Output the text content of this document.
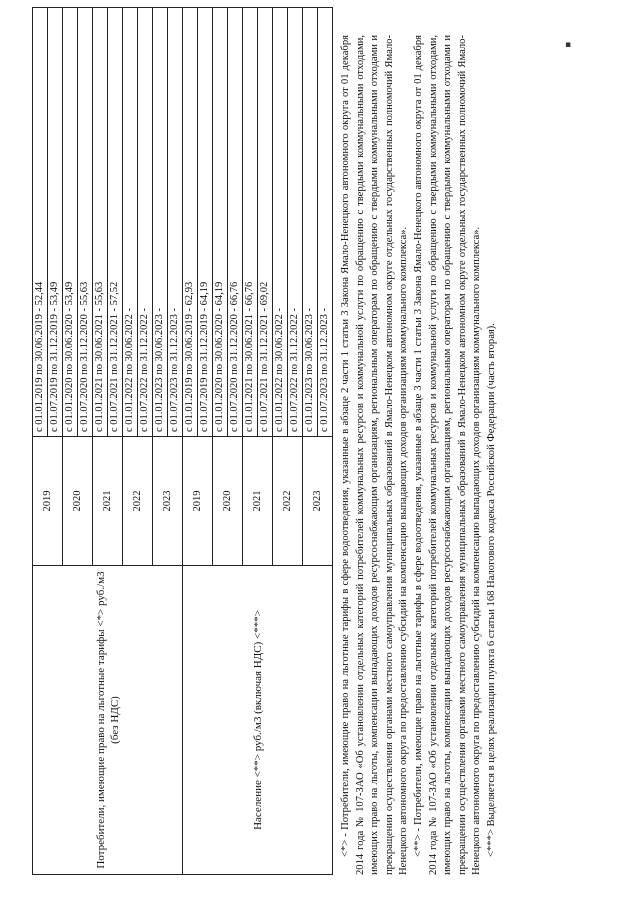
Потребители, имеющие право на льготные тарифы <*> руб./м3 (без НДС)	2019	с 01.01.2019 по 30.06.2019 - 52,44
		с 01.07.2019 по 31.12.2019 - 53,49
	2020	с 01.01.2020 по 30.06.2020 - 53,49
		с 01.07.2020 по 31.12.2020 - 55,63
	2021	с 01.01.2021 по 30.06.2021 - 55,63
		с 01.07.2021 по 31.12.2021 - 57,52
	2022	с 01.01.2022 по 30.06.2022 -
		с 01.07.2022 по 31.12.2022 -
	2023	с 01.01.2023 по 30.06.2023 -
		с 01.07.2023 по 31.12.2023 -
Население <**> руб./м3 (включая НДС) <***>	2019	с 01.01.2019 по 30.06.2019 - 62,93
		с 01.07.2019 по 31.12.2019 - 64,19
	2020	с 01.01.2020 по 30.06.2020 - 64,19
		с 01.07.2020 по 31.12.2020 - 66,76
	2021	с 01.01.2021 по 30.06.2021 - 66,76
		с 01.07.2021 по 31.12.2021 - 69,02
	2022	с 01.01.2022 по 30.06.2022 -
		с 01.07.2022 по 31.12.2022 -
	2023	с 01.01.2023 по 30.06.2023 -
		с 01.07.2023 по 31.12.2023 - <*> - Потребители, имеющие право на льготные тарифы в сфере водоотведения, указанные в абзаце 2 части 1 статьи 3 Закона Ямало-Ненецкого автономного округа от 01 декабря 2014 года № 107-ЗАО «Об установлении отдельных категорий потребителей коммунальных ресурсов и коммунальной услуги по обращению с твердыми коммунальными отходами, имеющих право на льготы, компенсации выпадающих доходов ресурсоснабжающим организациям, региональным операторам по обращению с твердыми коммунальными отходами и прекращении осуществления органами местного самоуправления муниципальных образований в Ямало-Ненецком автономном округе отдельных государственных полномочий Ямало-Ненецкого автономного округа по предоставлению субсидий на компенсацию выпадающих доходов организациям коммунального комплекса». <**> - Потребители, имеющие право на льготные тарифы в сфере водоотведения, указанные в абзаце 3 части 1 статьи 3 Закона Ямало-Ненецкого автономного округа от 01 декабря 2014 года № 107-ЗАО «Об установлении отдельных категорий потребителей коммунальных ресурсов и коммунальной услуги по обращению с твердыми коммунальными отходами, имеющих право на льготы, компенсации выпадающих доходов ресурсоснабжающим организациям, региональным операторам по обращению с твердыми коммунальными отходами и прекращении осуществления органами местного самоуправления муниципальных образований в Ямало-Ненецком автономном округе отдельных государственных полномочий Ямало-Ненецкого автономного округа по предоставлению субсидий на компенсацию выпадающих доходов организациям коммунального комплекса». <***> Выделяется в целях реализации пункта 6 статьи 168 Налогового кодекса Российской Федерации (часть вторая).

▪
